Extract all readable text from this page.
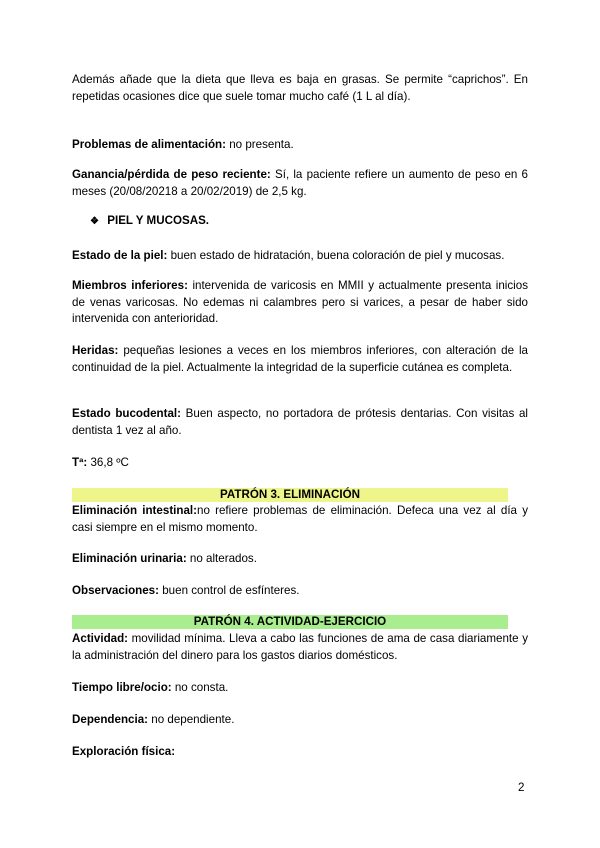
Además añade que la dieta que lleva es baja en grasas. Se permite “caprichos”. En repetidas ocasiones dice que suele tomar mucho café (1 L al día).
Problemas de alimentación: no presenta.
Ganancia/pérdida de peso reciente: Sí, la paciente refiere un aumento de peso en 6 meses (20/08/20218 a 20/02/2019) de 2,5 kg.
❖ PIEL Y MUCOSAS.
Estado de la piel: buen estado de hidratación, buena coloración de piel y mucosas.
Miembros inferiores: intervenida de varicosis en MMII y actualmente presenta inicios de venas varicosas. No edemas ni calambres pero si varices, a pesar de haber sido intervenida con anterioridad.
Heridas: pequeñas lesiones a veces en los miembros inferiores, con alteración de la continuidad de la piel. Actualmente la integridad de la superficie cutánea es completa.
Estado bucodental: Buen aspecto, no portadora de prótesis dentarias. Con visitas al dentista 1 vez al año.
Tª: 36,8 ºC
PATRÓN 3. ELIMINACIÓN
Eliminación intestinal:no refiere problemas de eliminación. Defeca una vez al día y casi siempre en el mismo momento.
Eliminación urinaria: no alterados.
Observaciones: buen control de esfínteres.
PATRÓN 4. ACTIVIDAD-EJERCICIO
Actividad: movilidad mínima. Lleva a cabo las funciones de ama de casa diariamente y la administración del dinero para los gastos diarios domésticos.
Tiempo libre/ocio: no consta.
Dependencia: no dependiente.
Exploración física:
2
